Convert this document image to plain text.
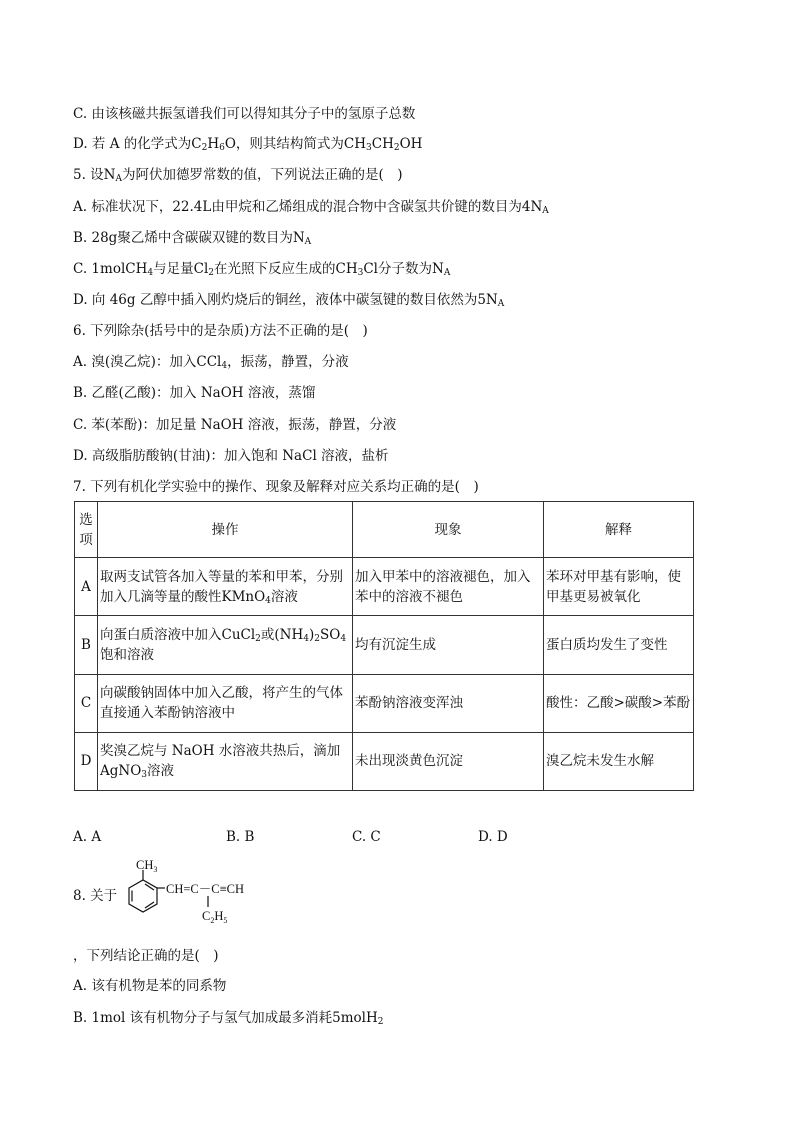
C. 由该核磁共振氢谱我们可以得知其分子中的氢原子总数
D. 若 A 的化学式为$C_2H_6O$，则其结构简式为$CH_3CH_2OH$
5. 设$N_A$为阿伏加德罗常数的值，下列说法正确的是(　)
A. 标准状况下，22.4L由甲烷和乙烯组成的混合物中含碳氢共价键的数目为$4N_A$
B. 28g聚乙烯中含碳碳双键的数目为$N_A$
C. 1molCH$_4$与足量$Cl_2$在光照下反应生成的$CH_3Cl$分子数为$N_A$
D. 向 46g 乙醇中插入刚灼烧后的铜丝，液体中碳氢键的数目依然为$5N_A$
6. 下列除杂(括号中的是杂质)方法不正确的是(　)
A. 溴(溴乙烷)：加入CCl$_4$，振荡，静置，分液
B. 乙醛(乙酸)：加入 NaOH 溶液，蒸馏
C. 苯(苯酚)：加足量 NaOH 溶液，振荡，静置，分液
D. 高级脂肪酸钠(甘油)：加入饱和 NaCl 溶液，盐析
7. 下列有机化学实验中的操作、现象及解释对应关系均正确的是(　)
选
项	操作	现象	解释
A	取两支试管各加入等量的苯和甲苯，分别加入几滴等量的酸性KMnO$_4$溶液	加入甲苯中的溶液褪色，加入苯中的溶液不褪色	苯环对甲基有影响，使甲基更易被氧化
B	向蛋白质溶液中加入CuCl$_2$或$(NH_4)_2SO_4$
饱和溶液	均有沉淀生成	蛋白质均发生了变性
C	向碳酸钠固体中加入乙酸，将产生的气体直接通入苯酚钠溶液中	苯酚钠溶液变浑浊	酸性：乙酸>碳酸>苯酚
D	奖溴乙烷与 NaOH 水溶液共热后，滴加AgNO$_3$溶液	未出现淡黄色沉淀	溴乙烷未发生水解
A. A	B. B	C. C	D. D
8. 关于
$CH_3$
CH=C－C≡CH
$C_2H_5$
，下列结论正确的是(　)
A. 该有机物是苯的同系物
B. 1mol 该有机物分子与氢气加成最多消耗5molH$_2$
